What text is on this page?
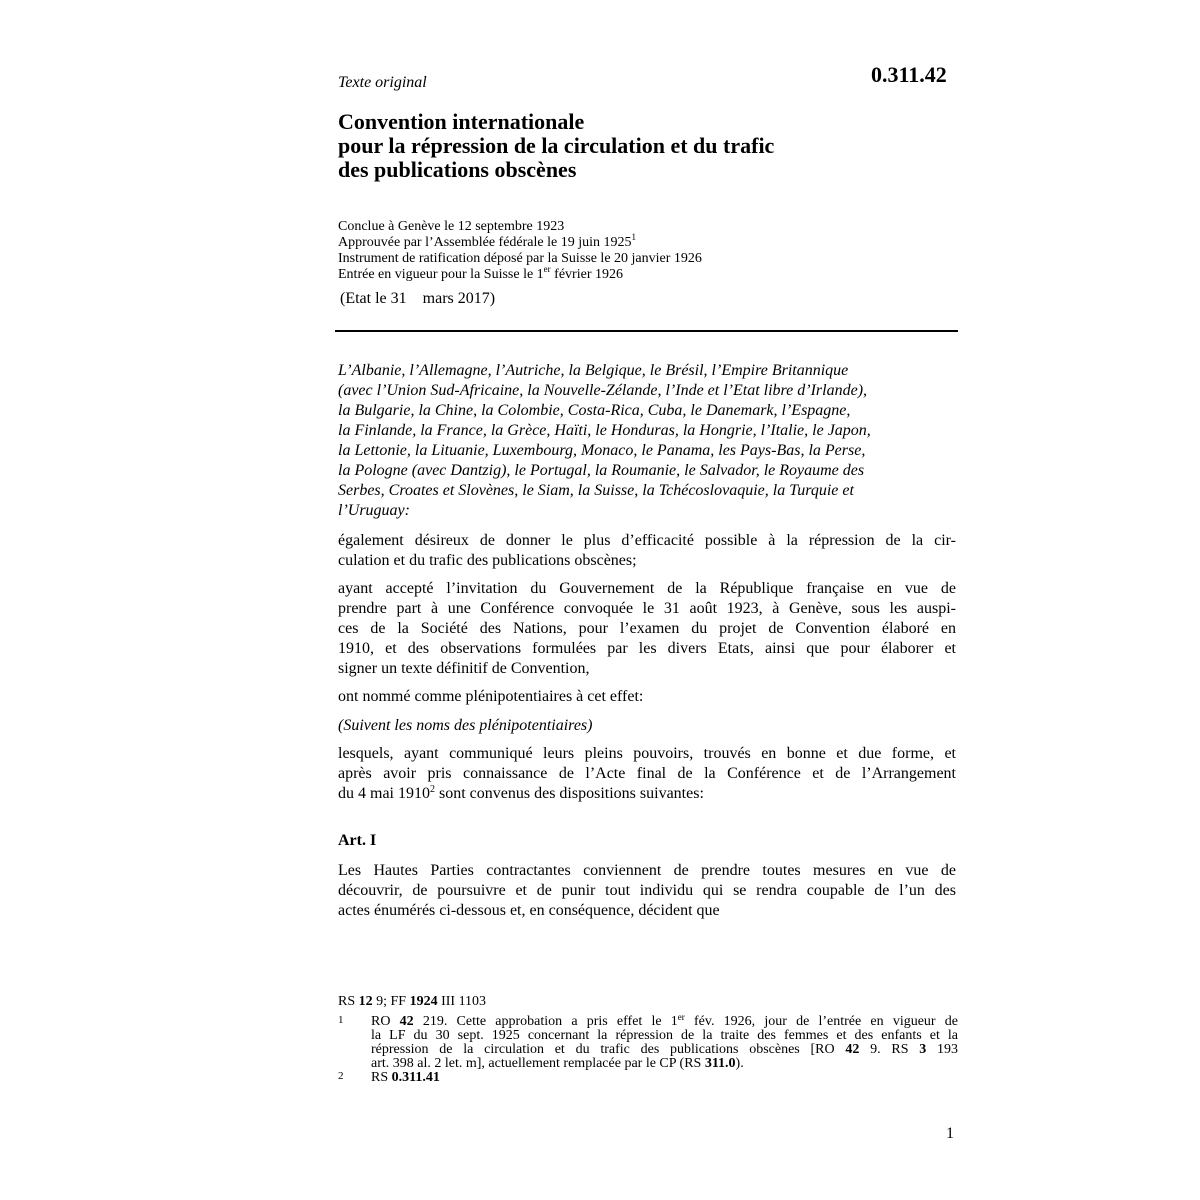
Texte original	0.311.42
Convention internationale
pour la répression de la circulation et du trafic
des publications obscènes
Conclue à Genève le 12 septembre 1923
Approuvée par l’Assemblée fédérale le 19 juin 1925$^1$
Instrument de ratification déposé par la Suisse le 20 janvier 1926
Entrée en vigueur pour la Suisse le 1er février 1926
(Etat le 31    mars 2017)
L’Albanie, l’Allemagne, l’Autriche, la Belgique, le Brésil, l’Empire Britannique
(avec l’Union Sud-Africaine, la Nouvelle-Zélande, l’Inde et l’Etat libre d’Irlande),
la Bulgarie, la Chine, la Colombie, Costa-Rica, Cuba, le Danemark, l’Espagne,
la Finlande, la France, la Grèce, Haïti, le Honduras, la Hongrie, l’Italie, le Japon,
la Lettonie, la Lituanie, Luxembourg, Monaco, le Panama, les Pays-Bas, la Perse,
la Pologne (avec Dantzig), le Portugal, la Roumanie, le Salvador, le Royaume des
Serbes, Croates et Slovènes, le Siam, la Suisse, la Tchécoslovaquie, la Turquie et
l’Uruguay:
également désireux de donner le plus d’efficacité possible à la répression de la cir-
culation et du trafic des publications obscènes;
ayant accepté l’invitation du Gouvernement de la République française en vue de
prendre part à une Conférence convoquée le 31 août 1923, à Genève, sous les auspi-
ces de la Société des Nations, pour l’examen du projet de Convention élaboré en
1910, et des observations formulées par les divers Etats, ainsi que pour élaborer et
signer un texte définitif de Convention,
ont nommé comme plénipotentiaires à cet effet:
(Suivent les noms des plénipotentiaires)
lesquels, ayant communiqué leurs pleins pouvoirs, trouvés en bonne et due forme, et
après avoir pris connaissance de l’Acte final de la Conférence et de l’Arrangement
du 4 mai 1910$^2$ sont convenus des dispositions suivantes:
Art. I
Les Hautes Parties contractantes conviennent de prendre toutes mesures en vue de
découvrir, de poursuivre et de punir tout individu qui se rendra coupable de l’un des
actes énumérés ci-dessous et, en conséquence, décident que
RS 12 9; FF 1924 III 1103
1 RO 42 219. Cette approbation a pris effet le 1er fév. 1926, jour de l’entrée en vigueur de
la LF du 30 sept. 1925 concernant la répression de la traite des femmes et des enfants et la
répression de la circulation et du trafic des publications obscènes [RO 42 9. RS 3 193
art. 398 al. 2 let. m], actuellement remplacée par le CP (RS 311.0).
2 RS 0.311.41
1
